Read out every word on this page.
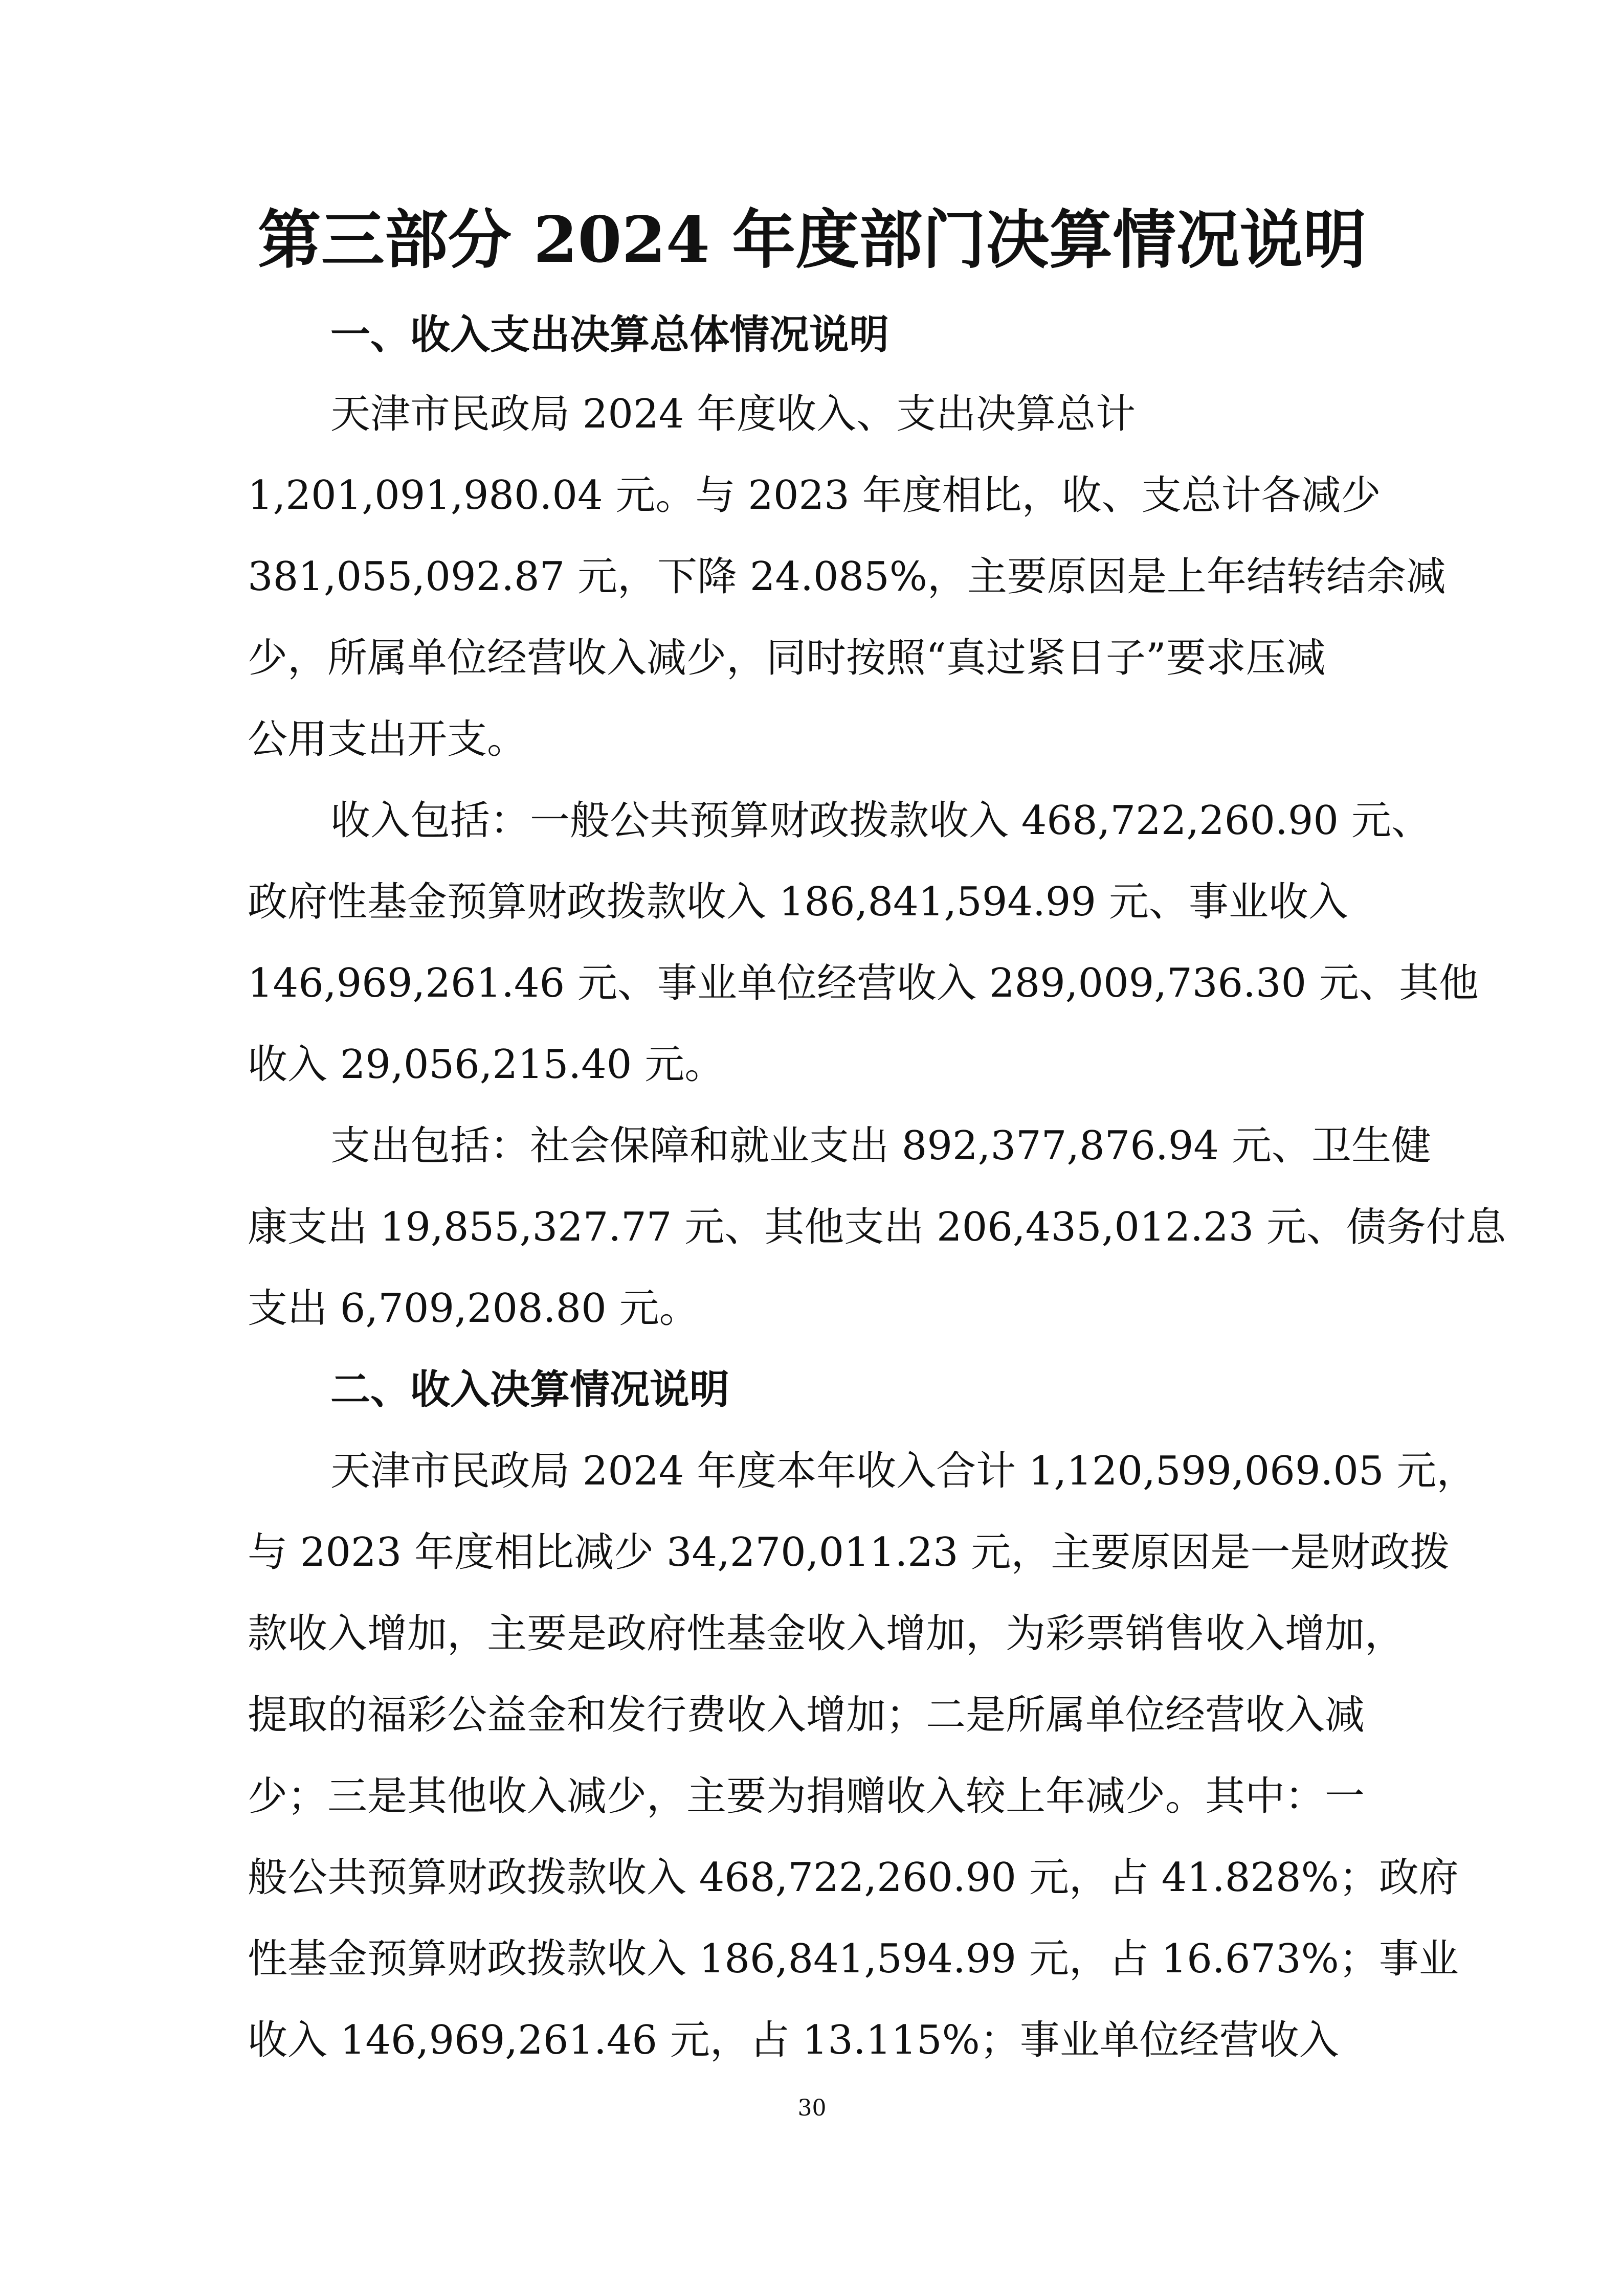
第三部分 2024 年度部门决算情况说明
一、收入支出决算总体情况说明
天津市民政局 2024 年度收入、支出决算总计
1,201,091,980.04 元。与 2023 年度相比，收、支总计各减少
381,055,092.87 元，下降 24.085%，主要原因是上年结转结余减
少，所属单位经营收入减少，同时按照“真过紧日子”要求压减
公用支出开支。
收入包括：一般公共预算财政拨款收入 468,722,260.90 元、
政府性基金预算财政拨款收入 186,841,594.99 元、事业收入
146,969,261.46 元、事业单位经营收入 289,009,736.30 元、其他
收入 29,056,215.40 元。
支出包括：社会保障和就业支出 892,377,876.94 元、卫生健
康支出 19,855,327.77 元、其他支出 206,435,012.23 元、债务付息
支出 6,709,208.80 元。
二、收入决算情况说明
天津市民政局 2024 年度本年收入合计 1,120,599,069.05 元，
与 2023 年度相比减少 34,270,011.23 元，主要原因是一是财政拨
款收入增加，主要是政府性基金收入增加，为彩票销售收入增加，
提取的福彩公益金和发行费收入增加；二是所属单位经营收入减
少；三是其他收入减少，主要为捐赠收入较上年减少。其中：一
般公共预算财政拨款收入 468,722,260.90 元，占 41.828%；政府
性基金预算财政拨款收入 186,841,594.99 元，占 16.673%；事业
收入 146,969,261.46 元，占 13.115%；事业单位经营收入
30
